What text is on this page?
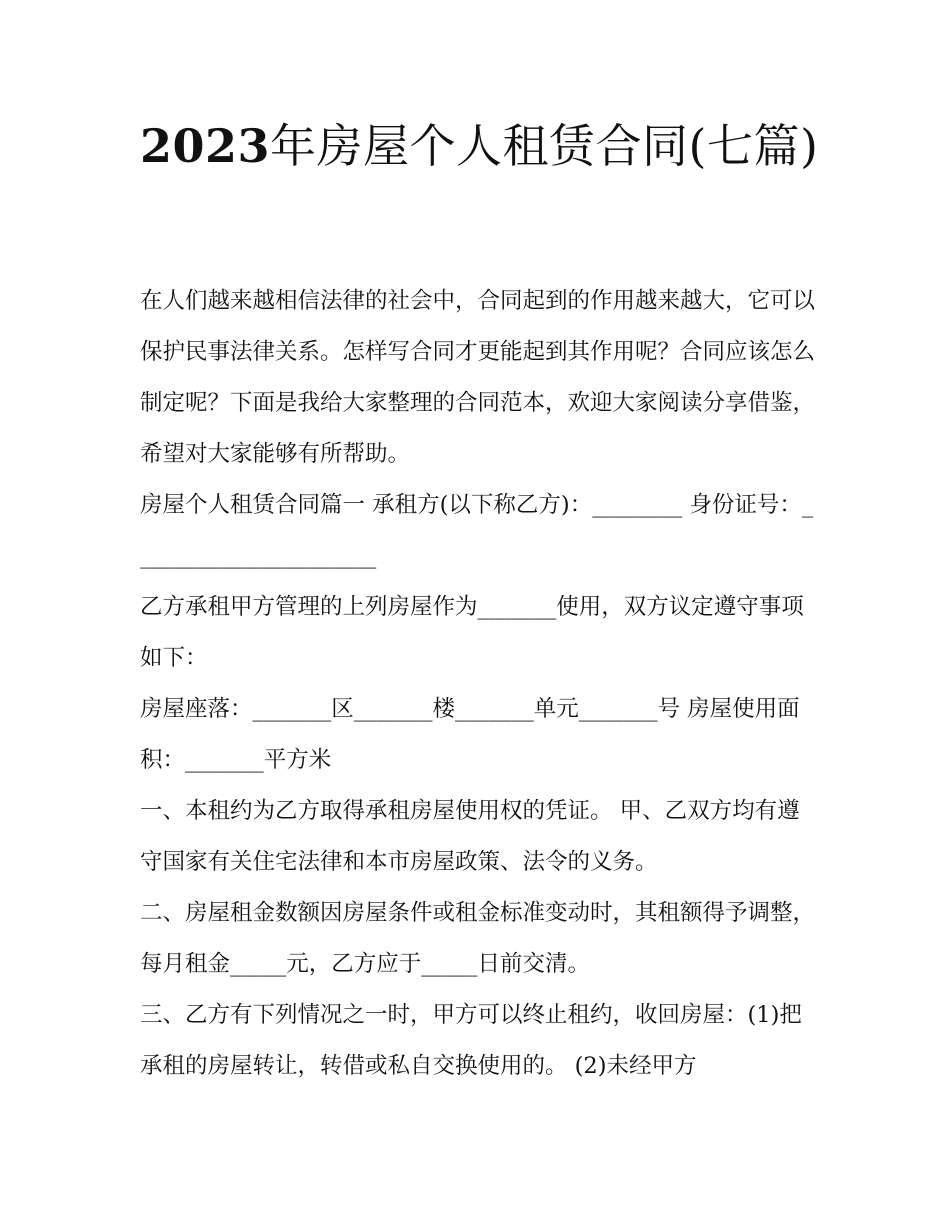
2023年房屋个人租赁合同(七篇)

在人们越来越相信法律的社会中，合同起到的作用越来越大，它可以保护民事法律关系。怎样写合同才更能起到其作用呢？合同应该怎么制定呢？下面是我给大家整理的合同范本，欢迎大家阅读分享借鉴，希望对大家能够有所帮助。

房屋个人租赁合同篇一 承租方(以下称乙方)：________ 身份证号：______________________

乙方承租甲方管理的上列房屋作为_______使用，双方议定遵守事项如下：

房屋座落：_______区_______楼_______单元_______号 房屋使用面积：_______平方米

一、本租约为乙方取得承租房屋使用权的凭证。 甲、乙双方均有遵守国家有关住宅法律和本市房屋政策、法令的义务。

二、房屋租金数额因房屋条件或租金标准变动时，其租额得予调整，每月租金_____元，乙方应于_____日前交清。

三、乙方有下列情况之一时，甲方可以终止租约，收回房屋：(1)把承租的房屋转让，转借或私自交换使用的。 (2)未经甲方
